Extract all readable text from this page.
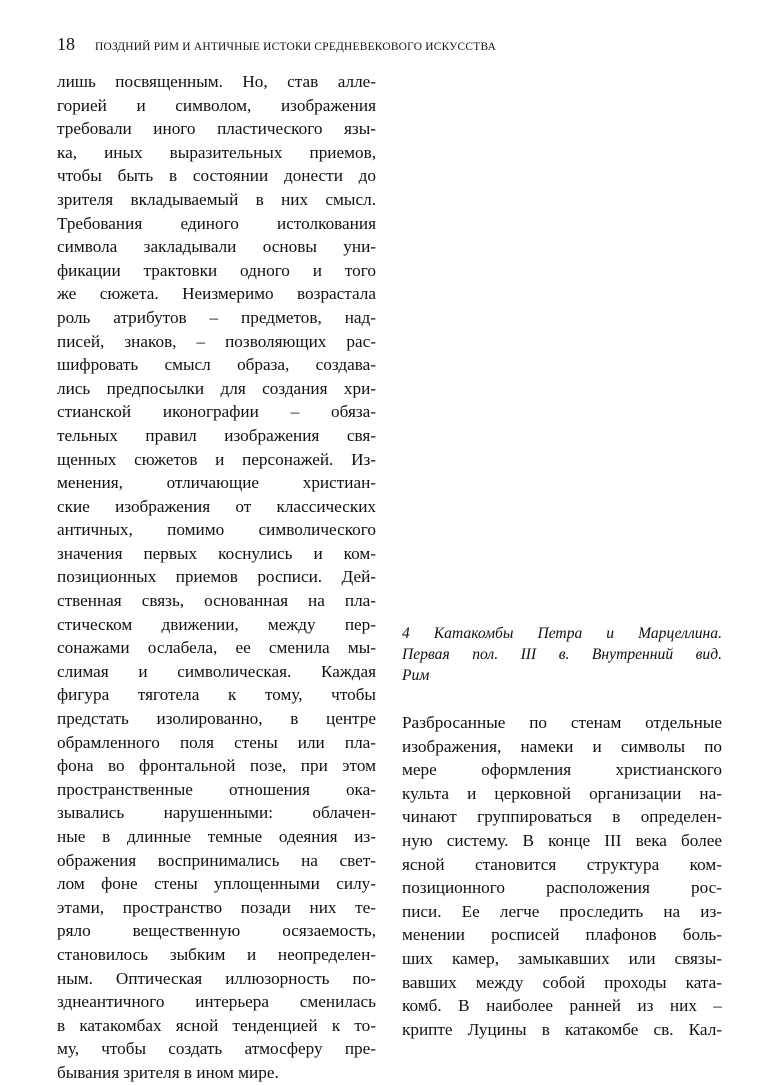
18 ПОЗДНИЙ РИМ И АНТИЧНЫЕ ИСТОКИ СРЕДНЕВЕКОВОГО ИСКУССТВА
лишь посвященным. Но, став алле-
горией и символом, изображения
требовали иного пластического язы-
ка, иных выразительных приемов,
чтобы быть в состоянии донести до
зрителя вкладываемый в них смысл.
Требования единого истолкования
символа закладывали основы уни-
фикации трактовки одного и того
же сюжета. Неизмеримо возрастала
роль атрибутов – предметов, над-
писей, знаков, – позволяющих рас-
шифровать смысл образа, создава-
лись предпосылки для создания хри-
стианской иконографии – обяза-
тельных правил изображения свя-
щенных сюжетов и персонажей. Из-
менения, отличающие христиан-
ские изображения от классических
античных, помимо символического
значения первых коснулись и ком-
позиционных приемов росписи. Дей-
ственная связь, основанная на пла-
стическом движении, между пер-
сонажами ослабела, ее сменила мы-
слимая и символическая. Каждая
фигура тяготела к тому, чтобы
предстать изолированно, в центре
обрамленного поля стены или пла-
фона во фронтальной позе, при этом
пространственные отношения ока-
зывались нарушенными: облачен-
ные в длинные темные одеяния из-
ображения воспринимались на свет-
лом фоне стены уплощенными силу-
этами, пространство позади них те-
ряло вещественную осязаемость,
становилось зыбким и неопределен-
ным. Оптическая иллюзорность по-
зднеантичного интерьера сменилась
в катакомбах ясной тенденцией к то-
му, чтобы создать атмосферу пре-
бывания зрителя в ином мире.
4 Катакомбы Петра и Марцеллина.
Первая пол. III в. Внутренний вид.
Рим
Разбросанные по стенам отдельные
изображения, намеки и символы по
мере оформления христианского
культа и церковной организации на-
чинают группироваться в определен-
ную систему. В конце III века более
ясной становится структура ком-
позиционного расположения рос-
писи. Ее легче проследить на из-
менении росписей плафонов боль-
ших камер, замыкавших или связы-
вавших между собой проходы ката-
комб. В наиболее ранней из них –
крипте Луцины в катакомбе св. Кал-
